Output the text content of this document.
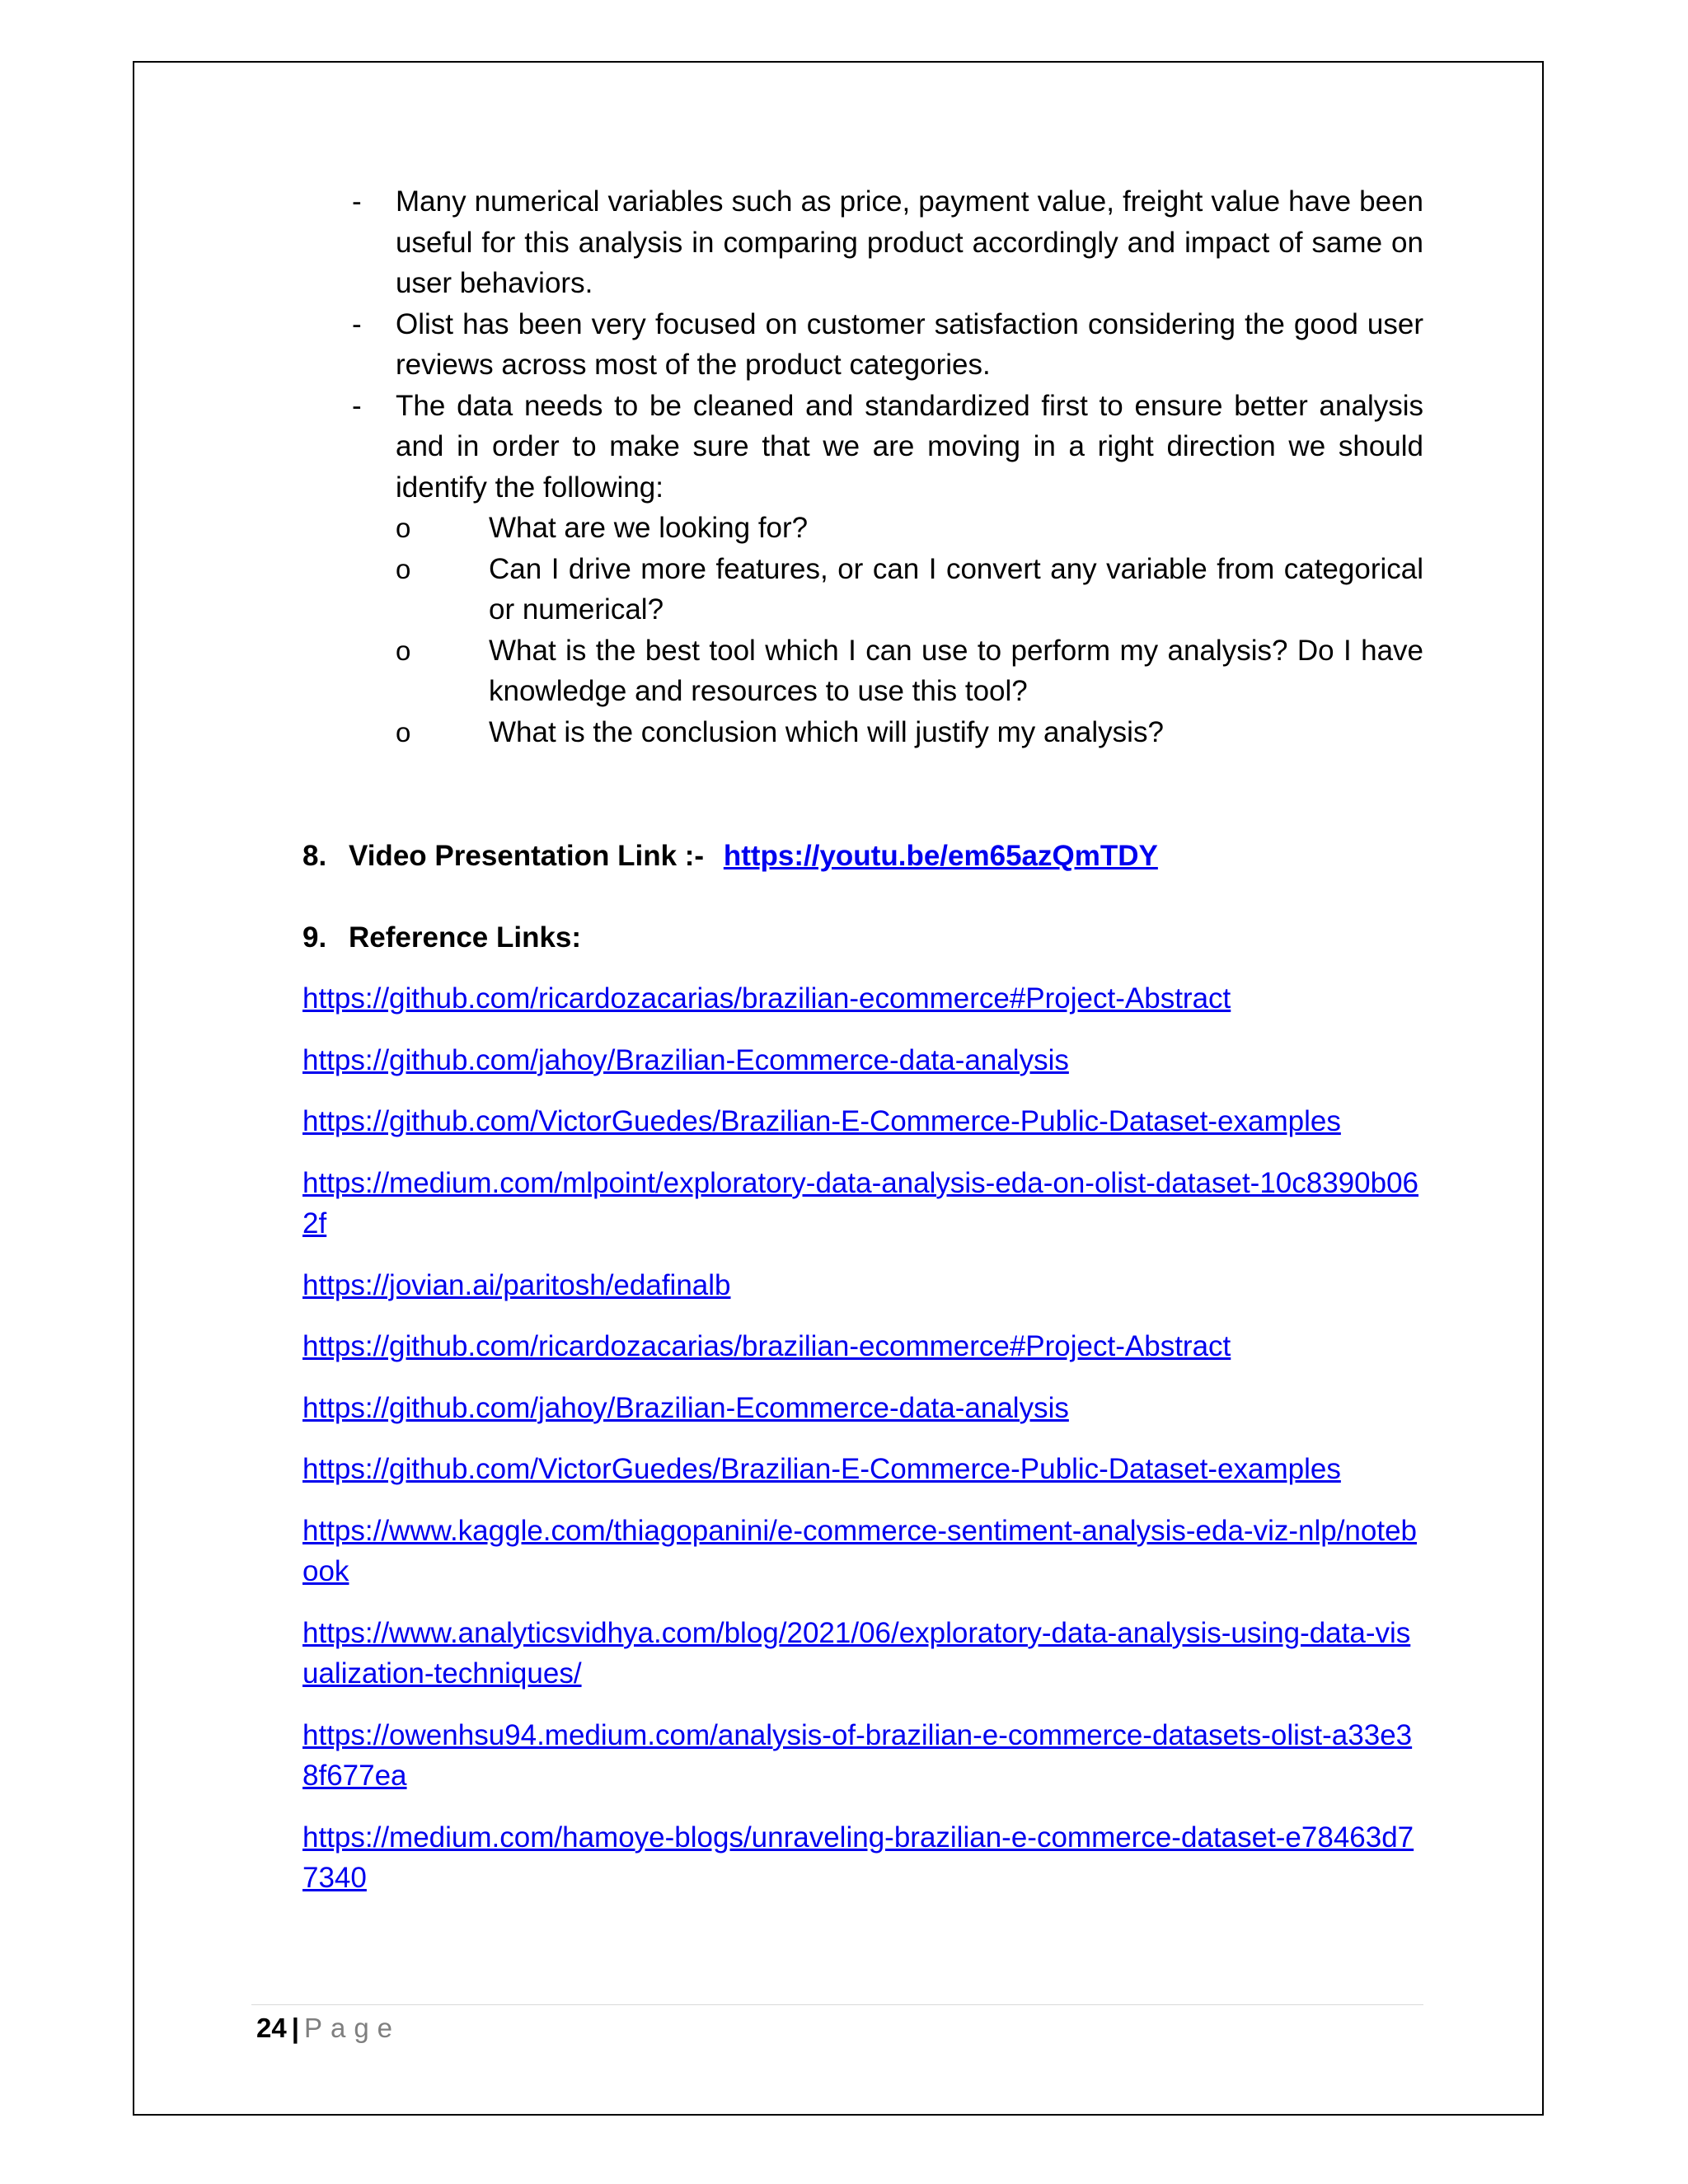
- Many numerical variables such as price, payment value, freight value have been useful for this analysis in comparing product accordingly and impact of same on user behaviors.
- Olist has been very focused on customer satisfaction considering the good user reviews across most of the product categories.
- The data needs to be cleaned and standardized first to ensure better analysis and in order to make sure that we are moving in a right direction we should identify the following:
o	What are we looking for?
o	Can I drive more features, or can I convert any variable from categorical or numerical?
o	What is the best tool which I can use to perform my analysis? Do I have knowledge and resources to use this tool?
o	What is the conclusion which will justify my analysis?
8. Video Presentation Link :- https://youtu.be/em65azQmTDY
9. Reference Links:
https://github.com/ricardozacarias/brazilian-ecommerce#Project-Abstract
https://github.com/jahoy/Brazilian-Ecommerce-data-analysis
https://github.com/VictorGuedes/Brazilian-E-Commerce-Public-Dataset-examples
https://medium.com/mlpoint/exploratory-data-analysis-eda-on-olist-dataset-10c8390b062f
https://jovian.ai/paritosh/edafinalb
https://github.com/ricardozacarias/brazilian-ecommerce#Project-Abstract
https://github.com/jahoy/Brazilian-Ecommerce-data-analysis
https://github.com/VictorGuedes/Brazilian-E-Commerce-Public-Dataset-examples
https://www.kaggle.com/thiagopanini/e-commerce-sentiment-analysis-eda-viz-nlp/notebook
https://www.analyticsvidhya.com/blog/2021/06/exploratory-data-analysis-using-data-visualization-techniques/
https://owenhsu94.medium.com/analysis-of-brazilian-e-commerce-datasets-olist-a33e38f677ea
https://medium.com/hamoye-blogs/unraveling-brazilian-e-commerce-dataset-e78463d77340
24 | Page
